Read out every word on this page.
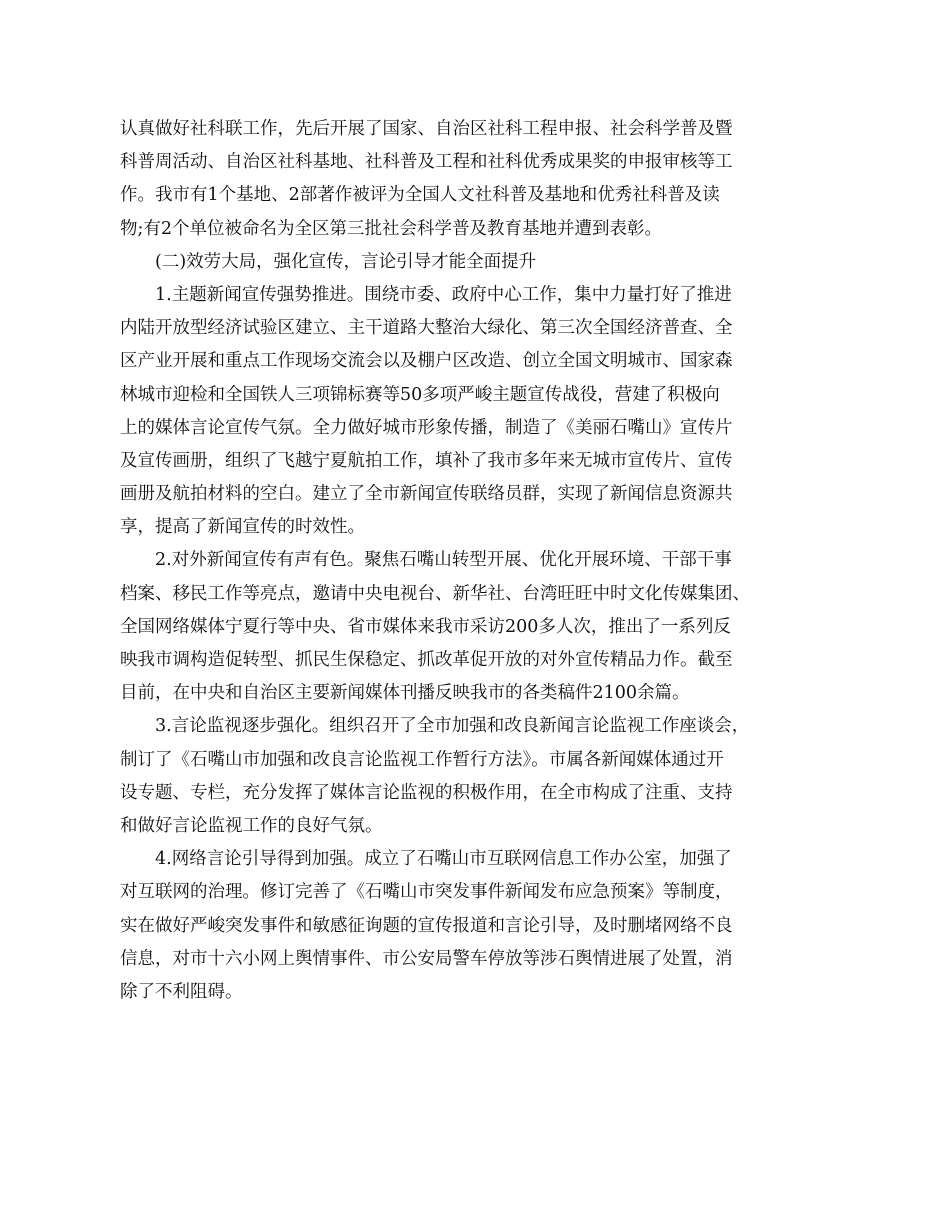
认真做好社科联工作，先后开展了国家、自治区社科工程申报、社会科学普及暨
科普周活动、自治区社科基地、社科普及工程和社科优秀成果奖的申报审核等工
作。我市有1个基地、2部著作被评为全国人文社科普及基地和优秀社科普及读
物;有2个单位被命名为全区第三批社会科学普及教育基地并遭到表彰。
(二)效劳大局，强化宣传，言论引导才能全面提升
1.主题新闻宣传强势推进。围绕市委、政府中心工作，集中力量打好了推进
内陆开放型经济试验区建立、主干道路大整治大绿化、第三次全国经济普查、全
区产业开展和重点工作现场交流会以及棚户区改造、创立全国文明城市、国家森
林城市迎检和全国铁人三项锦标赛等50多项严峻主题宣传战役，营建了积极向
上的媒体言论宣传气氛。全力做好城市形象传播，制造了《美丽石嘴山》宣传片
及宣传画册，组织了飞越宁夏航拍工作，填补了我市多年来无城市宣传片、宣传
画册及航拍材料的空白。建立了全市新闻宣传联络员群，实现了新闻信息资源共
享，提高了新闻宣传的时效性。
2.对外新闻宣传有声有色。聚焦石嘴山转型开展、优化开展环境、干部干事
档案、移民工作等亮点，邀请中央电视台、新华社、台湾旺旺中时文化传媒集团、
全国网络媒体宁夏行等中央、省市媒体来我市采访200多人次，推出了一系列反
映我市调构造促转型、抓民生保稳定、抓改革促开放的对外宣传精品力作。截至
目前，在中央和自治区主要新闻媒体刊播反映我市的各类稿件2100余篇。
3.言论监视逐步强化。组织召开了全市加强和改良新闻言论监视工作座谈会，
制订了《石嘴山市加强和改良言论监视工作暂行方法》。市属各新闻媒体通过开
设专题、专栏，充分发挥了媒体言论监视的积极作用，在全市构成了注重、支持
和做好言论监视工作的良好气氛。
4.网络言论引导得到加强。成立了石嘴山市互联网信息工作办公室，加强了
对互联网的治理。修订完善了《石嘴山市突发事件新闻发布应急预案》等制度，
实在做好严峻突发事件和敏感征询题的宣传报道和言论引导，及时删堵网络不良
信息，对市十六小网上舆情事件、市公安局警车停放等涉石舆情进展了处置，消
除了不利阻碍。
